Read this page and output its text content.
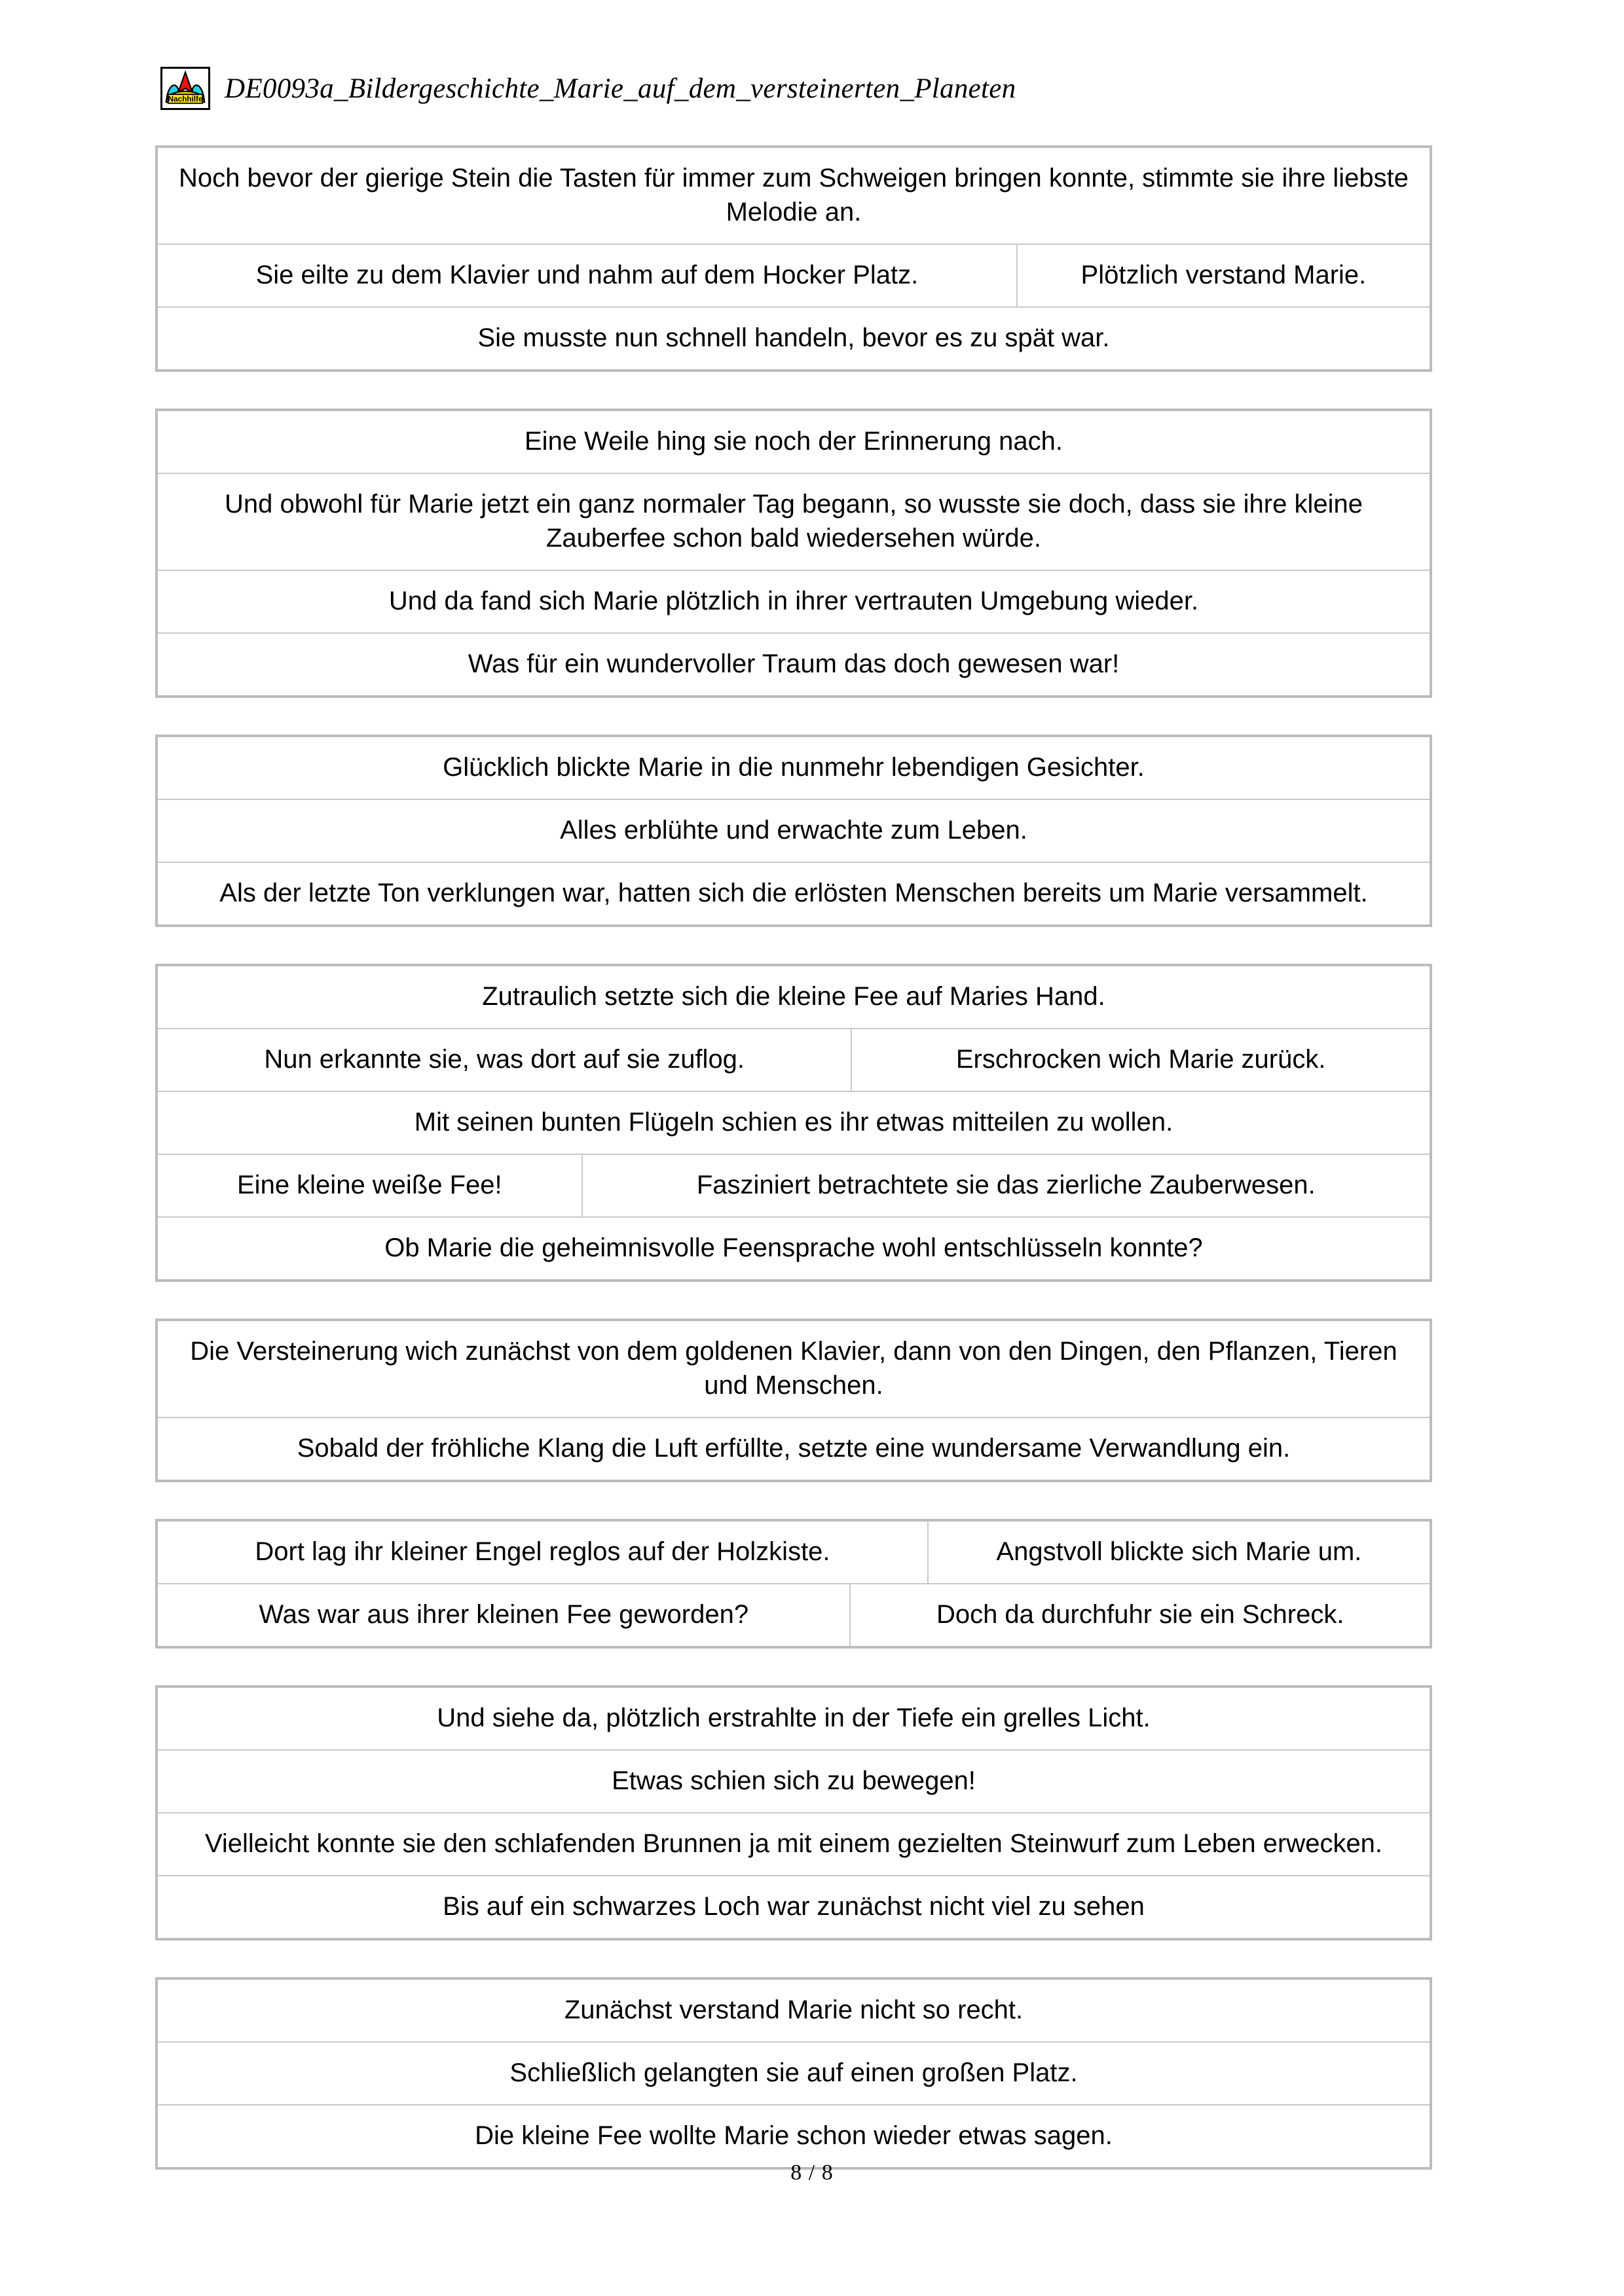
Nachhilfe DE0093a_Bildergeschichte_Marie_auf_dem_versteinerten_Planeten
Noch bevor der gierige Stein die Tasten für immer zum Schweigen bringen konnte, stimmte sie ihre liebste Melodie an.
Sie eilte zu dem Klavier und nahm auf dem Hocker Platz.	Plötzlich verstand Marie.
Sie musste nun schnell handeln, bevor es zu spät war.
Eine Weile hing sie noch der Erinnerung nach.
Und obwohl für Marie jetzt ein ganz normaler Tag begann, so wusste sie doch, dass sie ihre kleine Zauberfee schon bald wiedersehen würde.
Und da fand sich Marie plötzlich in ihrer vertrauten Umgebung wieder.
Was für ein wundervoller Traum das doch gewesen war!
Glücklich blickte Marie in die nunmehr lebendigen Gesichter.
Alles erblühte und erwachte zum Leben.
Als der letzte Ton verklungen war, hatten sich die erlösten Menschen bereits um Marie versammelt.
Zutraulich setzte sich die kleine Fee auf Maries Hand.
Nun erkannte sie, was dort auf sie zuflog.	Erschrocken wich Marie zurück.
Mit seinen bunten Flügeln schien es ihr etwas mitteilen zu wollen.
Eine kleine weiße Fee!	Fasziniert betrachtete sie das zierliche Zauberwesen.
Ob Marie die geheimnisvolle Feensprache wohl entschlüsseln konnte?
Die Versteinerung wich zunächst von dem goldenen Klavier, dann von den Dingen, den Pflanzen, Tieren und Menschen.
Sobald der fröhliche Klang die Luft erfüllte, setzte eine wundersame Verwandlung ein.
Dort lag ihr kleiner Engel reglos auf der Holzkiste.	Angstvoll blickte sich Marie um.
Was war aus ihrer kleinen Fee geworden?	Doch da durchfuhr sie ein Schreck.
Und siehe da, plötzlich erstrahlte in der Tiefe ein grelles Licht.
Etwas schien sich zu bewegen!
Vielleicht konnte sie den schlafenden Brunnen ja mit einem gezielten Steinwurf zum Leben erwecken.
Bis auf ein schwarzes Loch war zunächst nicht viel zu sehen
Zunächst verstand Marie nicht so recht.
Schließlich gelangten sie auf einen großen Platz.
Die kleine Fee wollte Marie schon wieder etwas sagen.
8 / 8
